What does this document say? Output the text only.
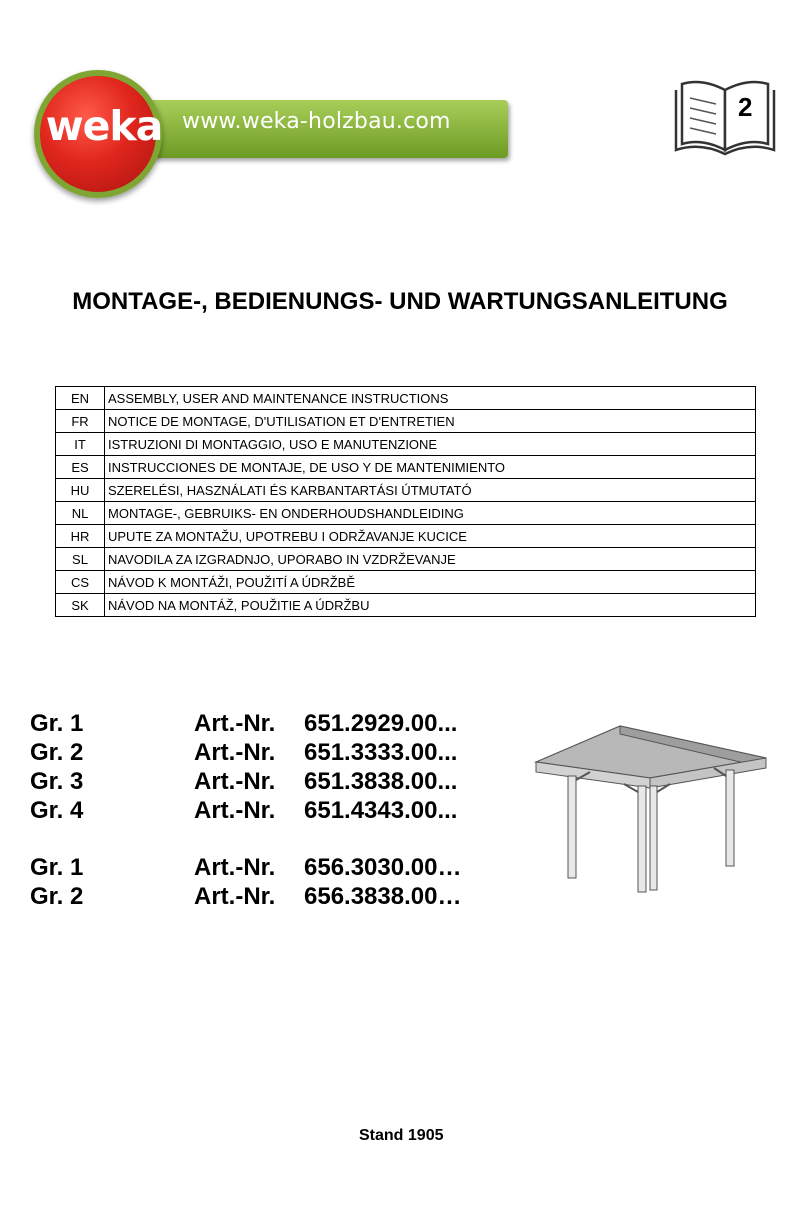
www.weka-holzbau.com
weka	2
MONTAGE-, BEDIENUNGS- UND WARTUNGSANLEITUNG
EN	ASSEMBLY, USER AND MAINTENANCE INSTRUCTIONS
FR	NOTICE DE MONTAGE, D'UTILISATION ET D'ENTRETIEN
IT	ISTRUZIONI DI MONTAGGIO, USO E MANUTENZIONE
ES	INSTRUCCIONES DE MONTAJE, DE USO Y DE MANTENIMIENTO
HU	SZERELÉSI, HASZNÁLATI ÉS KARBANTARTÁSI ÚTMUTATÓ
NL	MONTAGE-, GEBRUIKS- EN ONDERHOUDSHANDLEIDING
HR	UPUTE ZA MONTAŽU, UPOTREBU I ODRŽAVANJE KUCICE
SL	NAVODILA ZA IZGRADNJO, UPORABO IN VZDRŽEVANJE
CS	NÁVOD K MONTÁŽI, POUŽITÍ A ÚDRŽBĚ
SK	NÁVOD NA MONTÁŽ, POUŽITIE A ÚDRŽBU
Gr. 1	Art.-Nr. 651.2929.00...
Gr. 2	Art.-Nr. 651.3333.00...
Gr. 3	Art.-Nr. 651.3838.00...
Gr. 4	Art.-Nr. 651.4343.00...
Gr. 1	Art.-Nr. 656.3030.00…
Gr. 2	Art.-Nr. 656.3838.00…
Stand 1905
